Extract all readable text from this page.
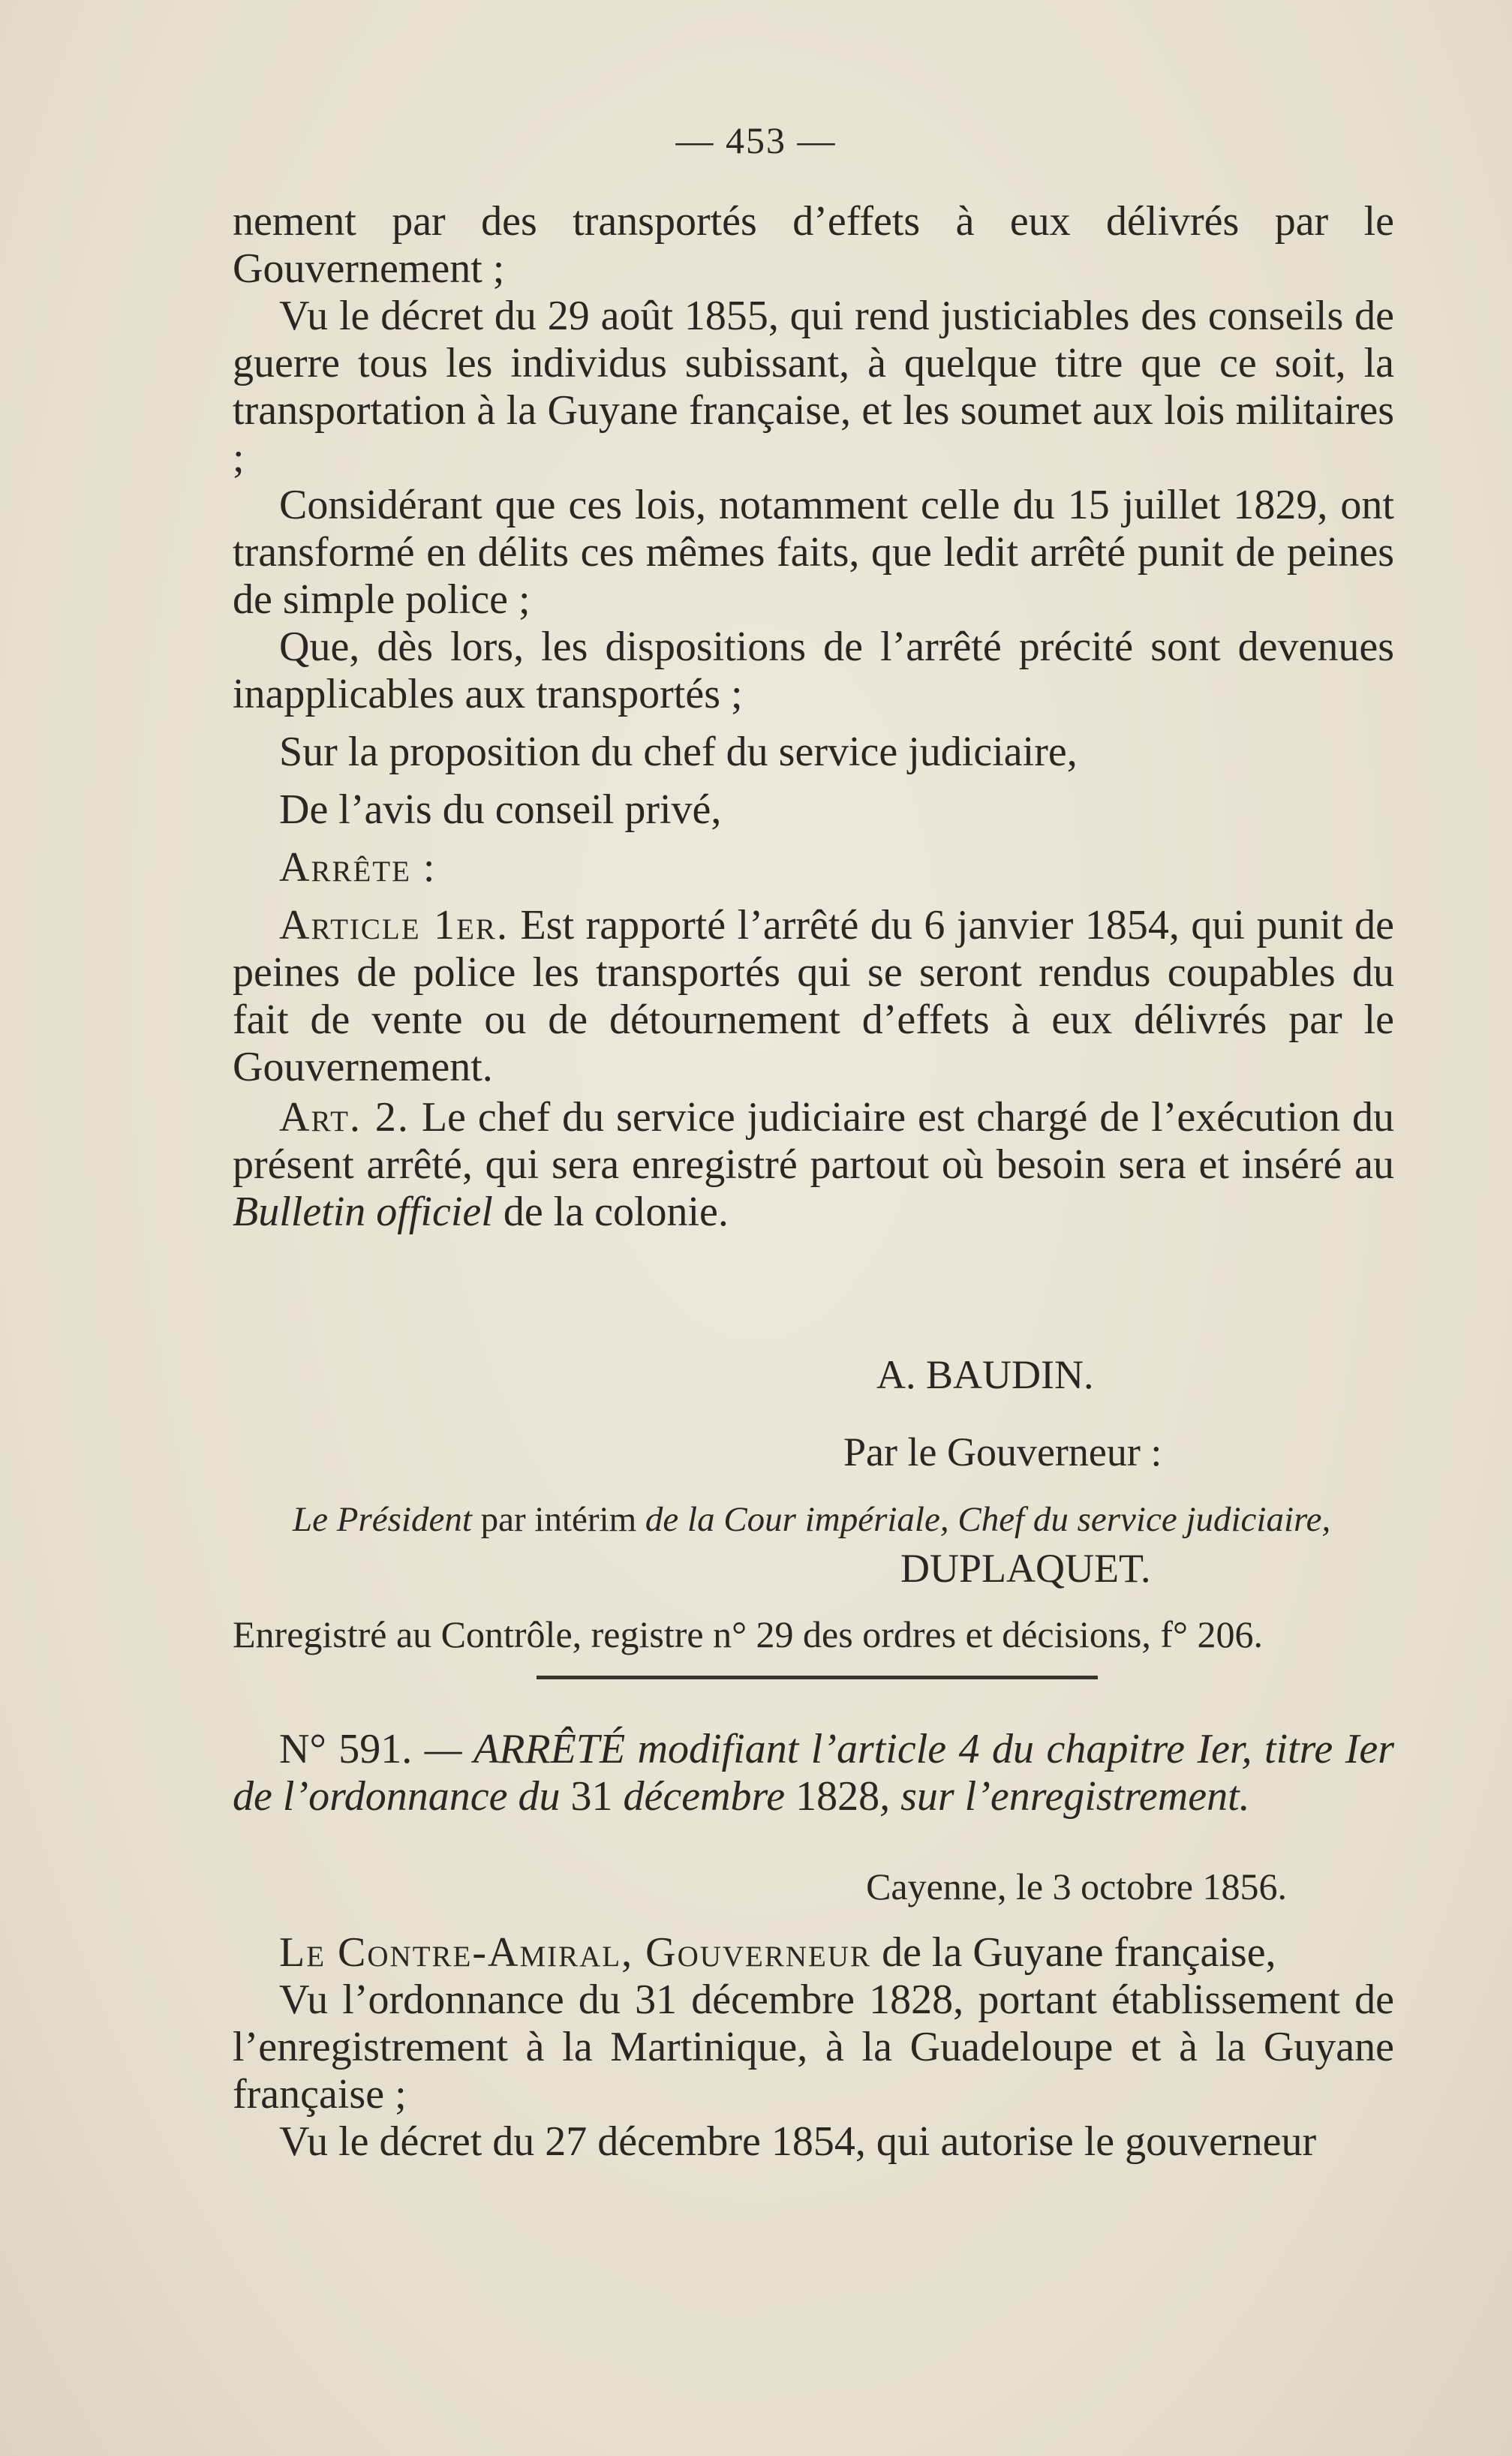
— 453 —

nement par des transportés d’effets à eux délivrés par le Gouvernement ;

Vu le décret du 29 août 1855, qui rend justiciables des conseils de guerre tous les individus subissant, à quelque titre que ce soit, la transportation à la Guyane française, et les soumet aux lois militaires ;

Considérant que ces lois, notamment celle du 15 juillet 1829, ont transformé en délits ces mêmes faits, que ledit arrêté punit de peines de simple police ;

Que, dès lors, les dispositions de l’arrêté précité sont devenues inapplicables aux transportés ;

Sur la proposition du chef du service judiciaire,

De l’avis du conseil privé,

Arrête :

Article 1er. Est rapporté l’arrêté du 6 janvier 1854, qui punit de peines de police les transportés qui se seront rendus coupables du fait de vente ou de détournement d’effets à eux délivrés par le Gouvernement.

Art. 2. Le chef du service judiciaire est chargé de l’exécution du présent arrêté, qui sera enregistré partout où besoin sera et inséré au Bulletin officiel de la colonie.

A. BAUDIN.
Par le Gouverneur :
Le Président par intérim de la Cour impériale, Chef du service judiciaire,
DUPLAQUET.
Enregistré au Contrôle, registre n° 29 des ordres et décisions, f° 206.

N° 591. — ARRÊTÉ modifiant l’article 4 du chapitre Ier, titre Ier de l’ordonnance du 31 décembre 1828, sur l’enregistrement.

Cayenne, le 3 octobre 1856.

Le Contre-Amiral, Gouverneur de la Guyane française,

Vu l’ordonnance du 31 décembre 1828, portant établissement de l’enregistrement à la Martinique, à la Guadeloupe et à la Guyane française ;

Vu le décret du 27 décembre 1854, qui autorise le gouverneur
